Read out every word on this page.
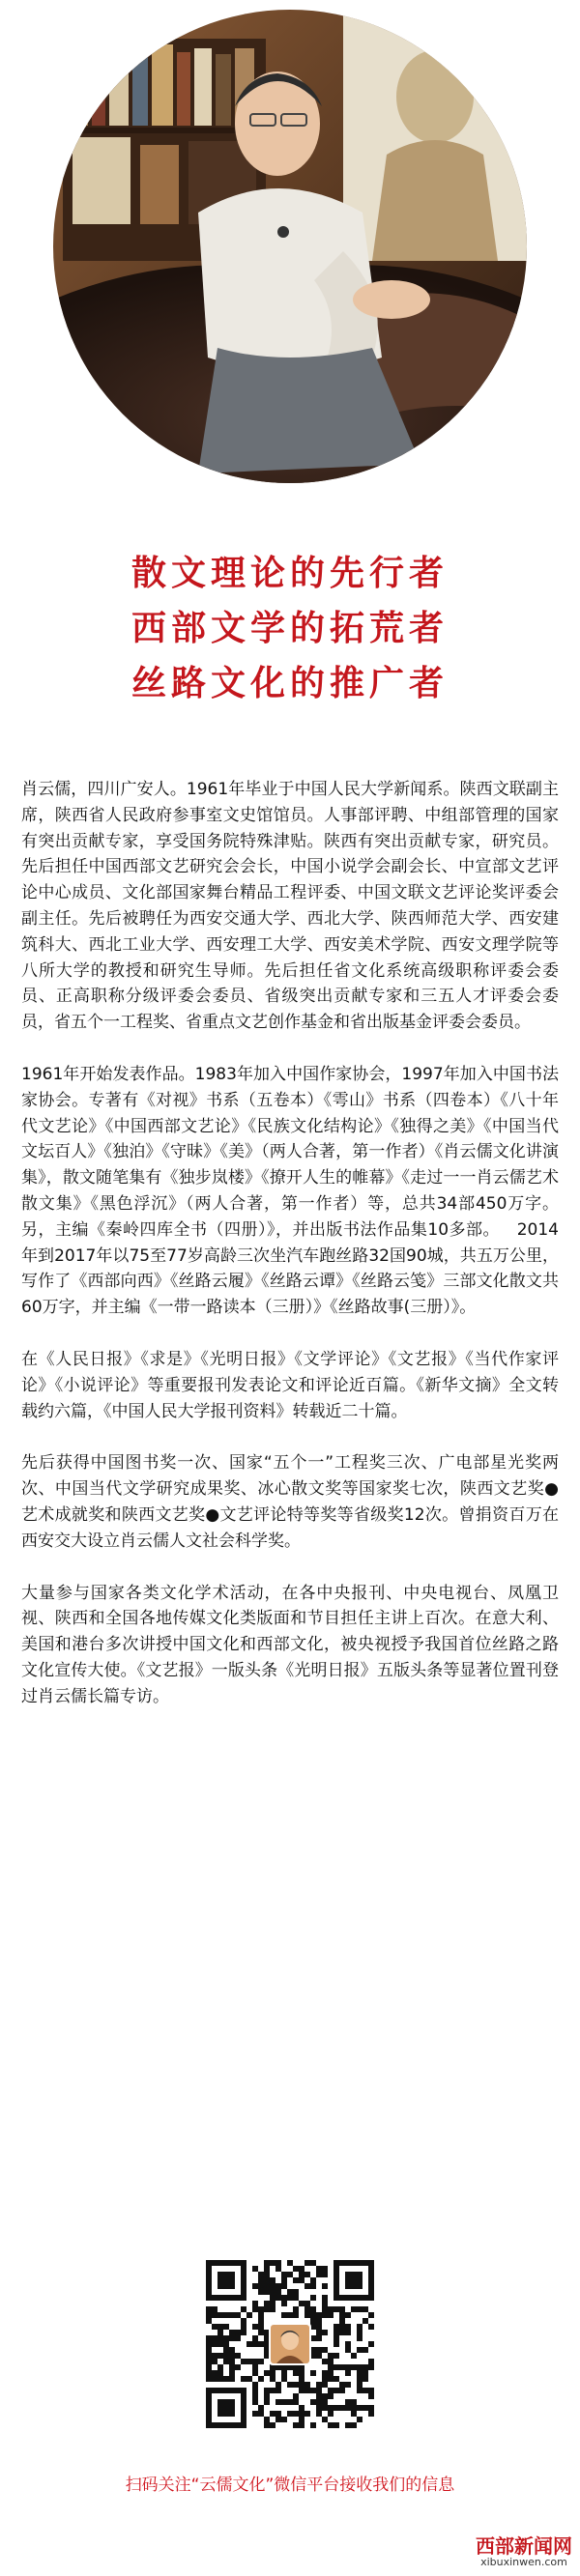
散文理论的先行者
西部文学的拓荒者
丝路文化的推广者

肖云儒，四川广安人。1961年毕业于中国人民大学新闻系。陕西文联副主席，陕西省人民政府参事室文史馆馆员。人事部评聘、中组部管理的国家有突出贡献专家，享受国务院特殊津贴。陕西有突出贡献专家，研究员。先后担任中国西部文艺研究会会长，中国小说学会副会长、中宣部文艺评论中心成员、文化部国家舞台精品工程评委、中国文联文艺评论奖评委会副主任。先后被聘任为西安交通大学、西北大学、陕西师范大学、西安建筑科大、西北工业大学、西安理工大学、西安美术学院、西安文理学院等八所大学的教授和研究生导师。先后担任省文化系统高级职称评委会委员、正高职称分级评委会委员、省级突出贡献专家和三五人才评委会委员，省五个一工程奖、省重点文艺创作基金和省出版基金评委会委员。

1961年开始发表作品。1983年加入中国作家协会，1997年加入中国书法家协会。专著有《对视》书系（五卷本）《雩山》书系（四卷本）《八十年代文艺论》《中国西部文艺论》《民族文化结构论》《独得之美》《中国当代文坛百人》《独泊》《守昧》《美》（两人合著，第一作者）《肖云儒文化讲演集》，散文随笔集有《独步岚楼》《撩开人生的帷幕》《走过一一肖云儒艺术散文集》《黑色浮沉》（两人合著，第一作者）等，总共34部450万字。另，主编《秦岭四库全书（四册）》，并出版书法作品集10多部。   2014年到2017年以75至77岁高龄三次坐汽车跑丝路32国90城，共五万公里，写作了《西部向西》《丝路云履》《丝路云谭》《丝路云笺》三部文化散文共60万字，并主编《一带一路读本（三册）》《丝路故事(三册）》。

在《人民日报》《求是》《光明日报》《文学评论》《文艺报》《当代作家评论》《小说评论》等重要报刊发表论文和评论近百篇。《新华文摘》全文转载约六篇，《中国人民大学报刊资料》转载近二十篇。

先后获得中国图书奖一次、国家“五个一”工程奖三次、广电部星光奖两次、中国当代文学研究成果奖、冰心散文奖等国家奖七次，陕西文艺奖●艺术成就奖和陕西文艺奖●文艺评论特等奖等省级奖12次。曾捐资百万在西安交大设立肖云儒人文社会科学奖。

大量参与国家各类文化学术活动，在各中央报刊、中央电视台、凤凰卫视、陕西和全国各地传媒文化类版面和节目担任主讲上百次。在意大利、美国和港台多次讲授中国文化和西部文化，被央视授予我国首位丝路之路文化宣传大使。《文艺报》一版头条《光明日报》五版头条等显著位置刊登过肖云儒长篇专访。

扫码关注“云儒文化”微信平台接收我们的信息
西部新闻网
xibuxinwen.com
